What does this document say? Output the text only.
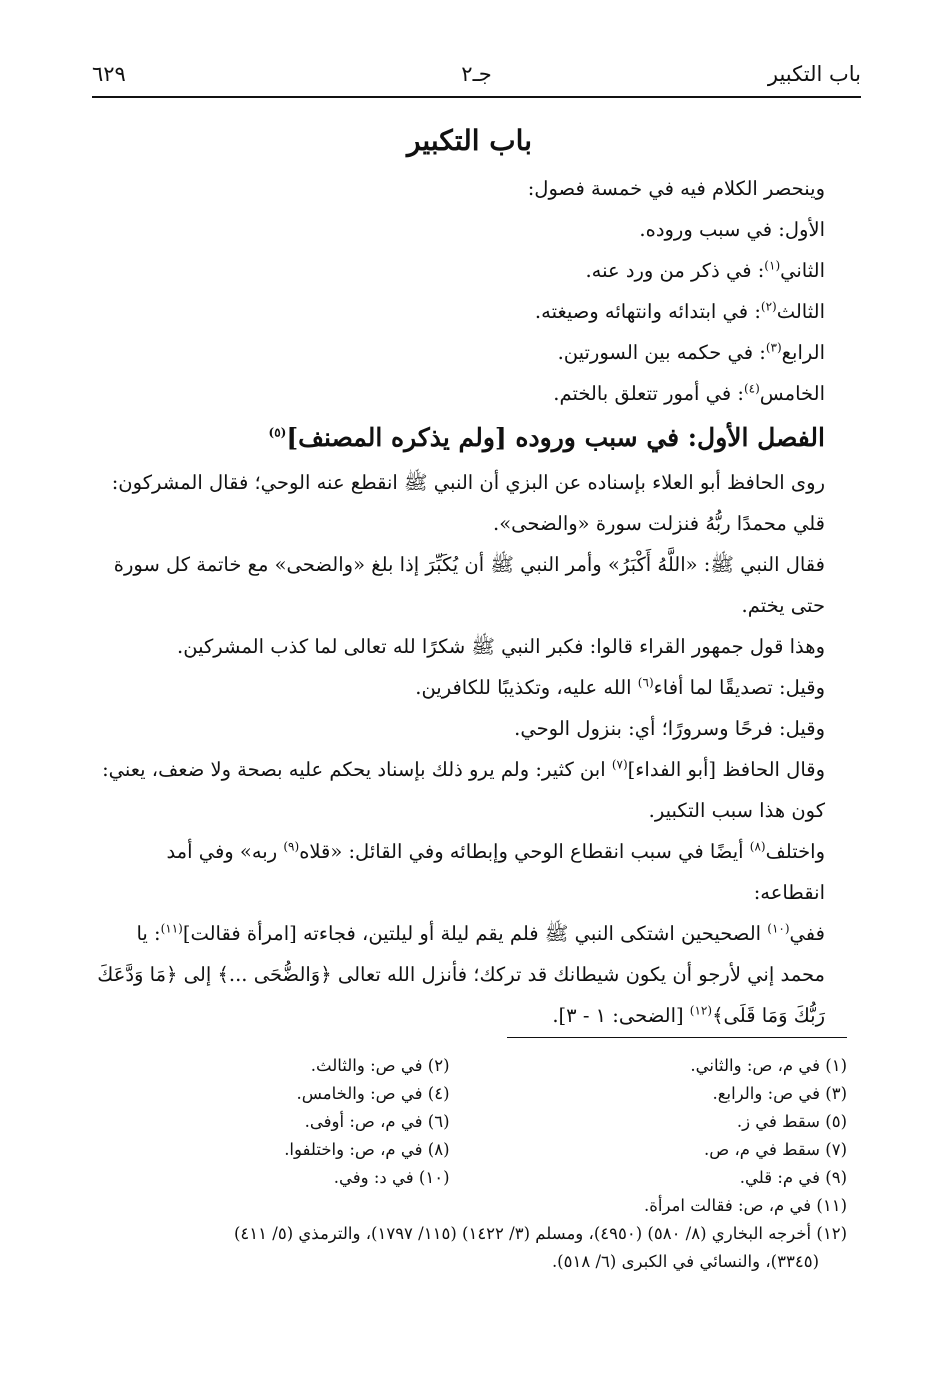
باب التكبير
جـ٢
٦٢٩
باب التكبير

وينحصر الكلام فيه في خمسة فصول:

الأول: في سبب وروده.

الثاني$^{(١)}$: في ذكر من ورد عنه.

الثالث$^{(٢)}$: في ابتدائه وانتهائه وصيغته.

الرابع$^{(٣)}$: في حكمه بين السورتين.

الخامس$^{(٤)}$: في أمور تتعلق بالختم.

الفصل الأول: في سبب وروده [ولم يذكره المصنف]$^{(٥)}$

روى الحافظ أبو العلاء بإسناده عن البزي أن النبي ﷺ انقطع عنه الوحي؛ فقال المشركون: قلي محمدًا ربُّهُ فنزلت سورة «والضحى».

فقال النبي ﷺ: «اللَّهُ أَكْبَرُ» وأمر النبي ﷺ أن يُكَبِّرَ إذا بلغ «والضحى» مع خاتمة كل سورة حتى يختم.

وهذا قول جمهور القراء قالوا: فكبر النبي ﷺ شكرًا لله تعالى لما كذب المشركين.

وقيل: تصديقًا لما أفاء$^{(٦)}$ الله عليه، وتكذيبًا للكافرين.

وقيل: فرحًا وسرورًا؛ أي: بنزول الوحي.

وقال الحافظ [أبو الفداء]$^{(٧)}$ ابن كثير: ولم يرو ذلك بإسناد يحكم عليه بصحة ولا ضعف، يعني: كون هذا سبب التكبير.

واختلف$^{(٨)}$ أيضًا في سبب انقطاع الوحي وإبطائه وفي القائل: «قلاه$^{(٩)}$ ربه» وفي أمد انقطاعه:

ففي$^{(١٠)}$ الصحيحين اشتكى النبي ﷺ فلم يقم ليلة أو ليلتين، فجاءته [امرأة فقالت]$^{(١١)}$: يا محمد إني لأرجو أن يكون شيطانك قد تركك؛ فأنزل الله تعالى ﴿وَالضُّحَى ...﴾ إلى ﴿مَا وَدَّعَكَ رَبُّكَ وَمَا قَلَى﴾$^{(١٢)}$ [الضحى: ١ - ٣].

(١) في م، ص: والثاني.
(٢) في ص: والثالث.
(٣) في ص: والرابع.
(٤) في ص: والخامس.
(٥) سقط في ز.
(٦) في م، ص: أوفى.
(٧) سقط في م، ص.
(٨) في م، ص: واختلفوا.
(٩) في م: قلي.
(١٠) في د: وفي.
(١١) في م، ص: فقالت امرأة.
(١٢) أخرجه البخاري (٨/ ٥٨٠) (٤٩٥٠)، ومسلم (٣/ ١٤٢٢) (١١٥/ ١٧٩٧)، والترمذي (٥/ ٤١١)
(٣٣٤٥)، والنسائي في الكبرى (٦/ ٥١٨).
